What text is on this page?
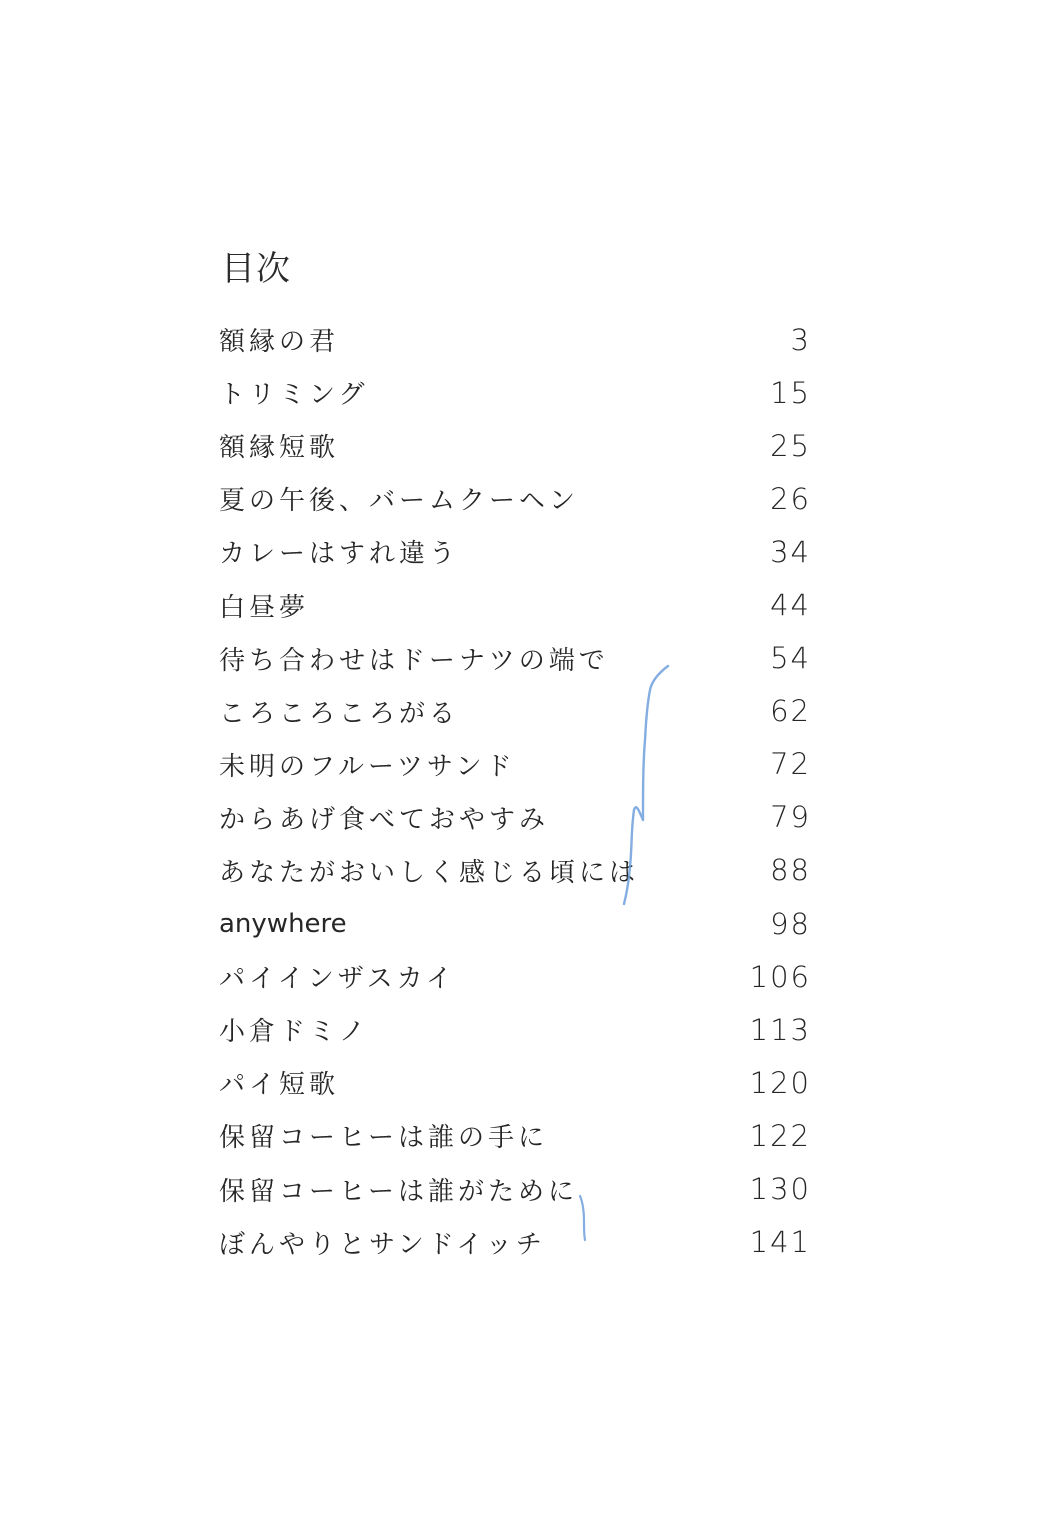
目次
額縁の君	3
トリミング	15
額縁短歌	25
夏の午後、バームクーヘン	26
カレーはすれ違う	34
白昼夢	44
待ち合わせはドーナツの端で	54
ころころころがる	62
未明のフルーツサンド	72
からあげ食べておやすみ	79
あなたがおいしく感じる頃には	88
anywhere	98
パイインザスカイ	106
小倉ドミノ	113
パイ短歌	120
保留コーヒーは誰の手に	122
保留コーヒーは誰がために	130
ぼんやりとサンドイッチ	141
